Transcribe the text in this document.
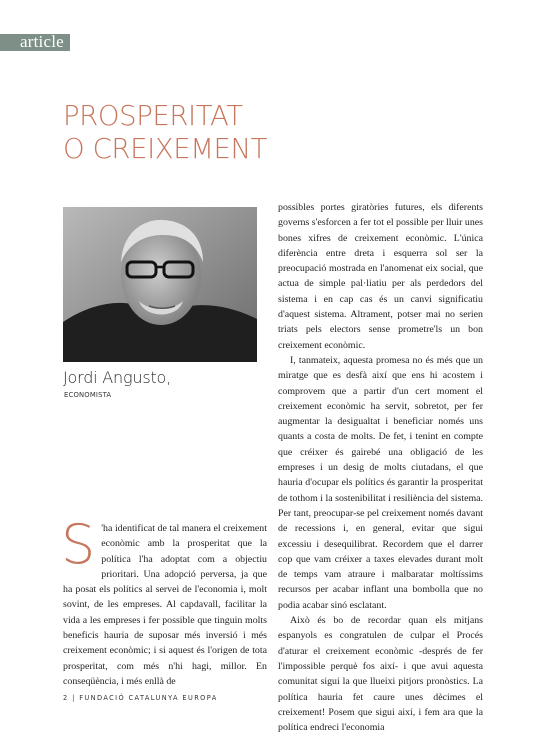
article
PROSPERITAT
O CREIXEMENT
Jordi Angusto,
ECONOMISTA

S 'ha identificat de tal manera el creixement econòmic amb la prosperitat que la política l'ha adoptat com a objectiu prioritari. Una adopció perversa, ja que ha posat els polítics al servei de l'economia i, molt sovint, de les empreses. Al capdavall, facilitar la vida a les empreses i fer possible que tinguin molts beneficis hauria de suposar més inversió i més creixement econòmic; i si aquest és l'origen de tota prosperitat, com més n'hi hagi, millor. En conseqüència, i més enllà de

possibles portes giratòries futures, els diferents governs s'esforcen a fer tot el possible per lluir unes bones xifres de creixement econòmic. L'única diferència entre dreta i esquerra sol ser la preocupació mostrada en l'anomenat eix social, que actua de simple pal·liatiu per als perdedors del sistema i en cap cas és un canvi significatiu d'aquest sistema. Altrament, potser mai no serien triats pels electors sense prometre'ls un bon creixement econòmic.

I, tanmateix, aquesta promesa no és més que un miratge que es desfà així que ens hi acostem i comprovem que a partir d'un cert moment el creixement econòmic ha servit, sobretot, per fer augmentar la desigualtat i beneficiar només uns quants a costa de molts. De fet, i tenint en compte que créixer és gairebé una obligació de les empreses i un desig de molts ciutadans, el que hauria d'ocupar els polítics és garantir la prosperitat de tothom i la sostenibilitat i resiliència del sistema. Per tant, preocupar-se pel creixement només davant de recessions i, en general, evitar que sigui excessiu i desequilibrat. Recordem que el darrer cop que vam créixer a taxes elevades durant molt de temps vam atraure i malbaratar moltíssims recursos per acabar inflant una bombolla que no podia acabar sinó esclatant.

Això és bo de recordar quan els mitjans espanyols es congratulen de culpar el Procés d'aturar el creixement econòmic -després de fer l'impossible perquè fos així- i que avui aquesta comunitat sigui la que llueixi pitjors pronòstics. La política hauria fet caure unes dècimes el creixement! Posem que sigui així, i fem ara que la política endreci l'economia

2 | FUNDACIÓ CATALUNYA EUROPA
